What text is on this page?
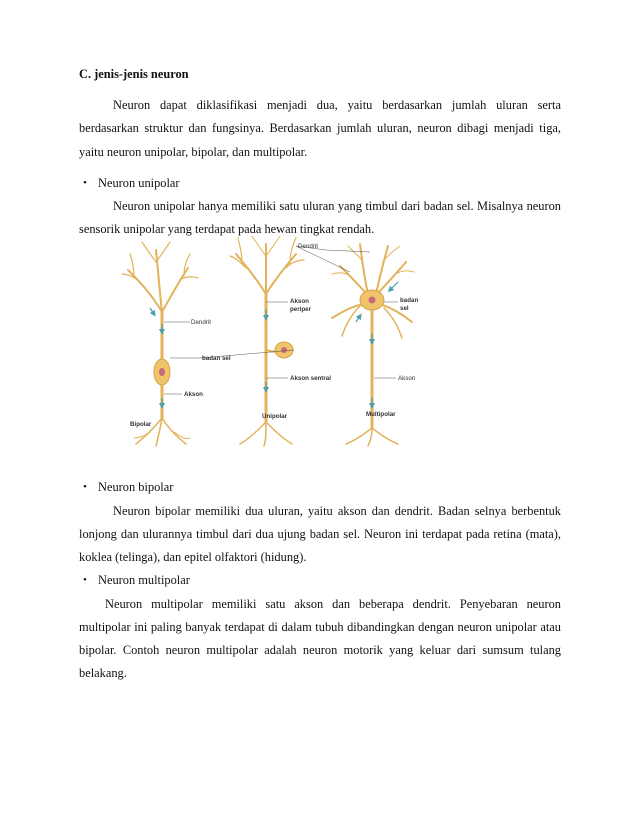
C. jenis-jenis neuron
Neuron dapat diklasifikasi menjadi dua, yaitu berdasarkan jumlah uluran serta
berdasarkan struktur dan fungsinya. Berdasarkan jumlah uluran, neuron dibagi menjadi tiga,
yaitu neuron unipolar, bipolar, dan multipolar.
• Neuron unipolar
Neuron unipolar hanya memiliki satu uluran yang timbul dari badan sel. Misalnya neuron
sensorik unipolar yang terdapat pada hewan tingkat rendah.
Dendrit
Dendrit
Akson
periper
badan sel
badan
sel
Akson sentral
Akson
Akson
Bipolar
Unipolar	Multipolar
• Neuron bipolar
Neuron bipolar memiliki dua uluran, yaitu akson dan dendrit. Badan selnya berbentuk
lonjong dan ulurannya timbul dari dua ujung badan sel. Neuron ini terdapat pada retina (mata),
koklea (telinga), dan epitel olfaktori (hidung).
• Neuron multipolar
Neuron multipolar memiliki satu akson dan beberapa dendrit. Penyebaran neuron
multipolar ini paling banyak terdapat di dalam tubuh dibandingkan dengan neuron unipolar atau
bipolar. Contoh neuron multipolar adalah neuron motorik yang keluar dari sumsum tulang
belakang.
